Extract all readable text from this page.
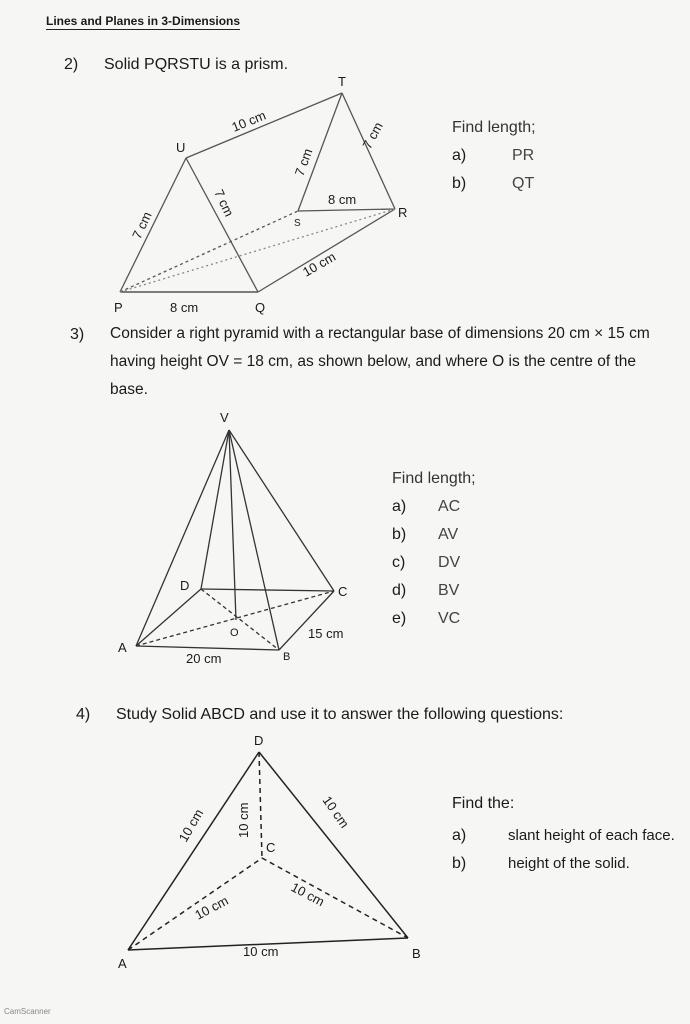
Lines and Planes in 3-Dimensions
2) Solid PQRSTU is a prism.
T
U
S
R
P	Q
10 cm
7 cm
7 cm
8 cm
10 cm
7 cm
7 cm
8 cm
Find length;
a)	PR
b)	QT
3) Consider a right pyramid with a rectangular base of dimensions 20 cm × 15 cm
having height OV = 18 cm, as shown below, and where O is the centre of the
base.
V
D	C
O
A
B
20 cm
15 cm
Find length;
a)	AC
b)	AV
c)	DV
d)	BV
e)	VC
4) Study Solid ABCD and use it to answer the following questions:
D
C
A
B
10 cm 10 cm	10 cm
10 cm	10 cm
10 cm
Find the:
a)	slant height of each face.
b)	height of the solid.
CamScanner
